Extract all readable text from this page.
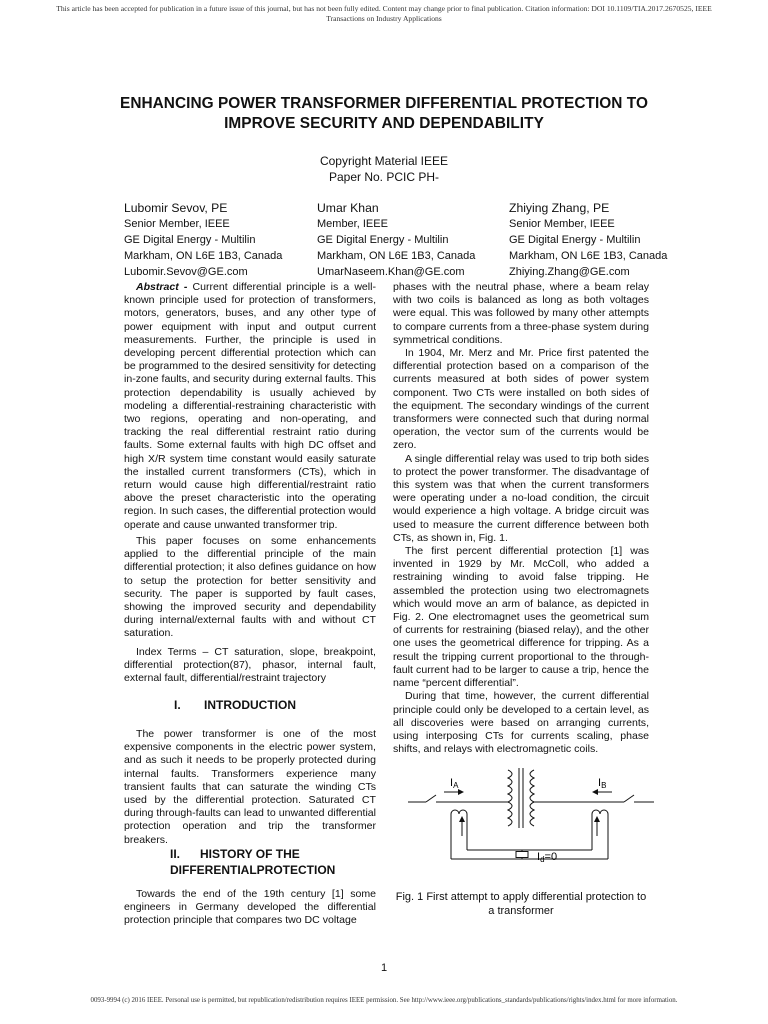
This article has been accepted for publication in a future issue of this journal, but has not been fully edited. Content may change prior to final publication. Citation information: DOI 10.1109/TIA.2017.2670525, IEEE
Transactions on Industry Applications
ENHANCING POWER TRANSFORMER DIFFERENTIAL PROTECTION TO
IMPROVE SECURITY AND DEPENDABILITY
Copyright Material IEEE
Paper No. PCIC PH-
Lubomir Sevov, PE
Senior Member, IEEE
GE Digital Energy - Multilin
Markham, ON L6E 1B3, Canada
Lubomir.Sevov@GE.com
Umar Khan
Member, IEEE
GE Digital Energy - Multilin
Markham, ON L6E 1B3, Canada
UmarNaseem.Khan@GE.com
Zhiying Zhang, PE
Senior Member, IEEE
GE Digital Energy - Multilin
Markham, ON L6E 1B3, Canada
Zhiying.Zhang@GE.com

Abstract - Current differential principle is a well-known principle used for protection of transformers, motors, generators, buses, and any other type of power equipment with input and output current measurements. Further, the principle is used in developing percent differential protection which can be programmed to the desired sensitivity for detecting in-zone faults, and security during external faults. This protection dependability is usually achieved by modeling a differential-restraining characteristic with two regions, operating and non-operating, and tracking the real differential restraint ratio during faults. Some external faults with high DC offset and high X/R system time constant would easily saturate the installed current transformers (CTs), which in return would cause high differential/restraint ratio above the preset characteristic into the operating region. In such cases, the differential protection would operate and cause unwanted transformer trip.

This paper focuses on some enhancements applied to the differential principle of the main differential protection; it also defines guidance on how to setup the protection for better sensitivity and security. The paper is supported by fault cases, showing the improved security and dependability during internal/external faults with and without CT saturation.

Index Terms – CT saturation, slope, breakpoint, differential protection(87), phasor, internal fault, external fault, differential/restraint trajectory
I. INTRODUCTION

The power transformer is one of the most expensive components in the electric power system, and as such it needs to be properly protected during internal faults. Transformers experience many transient faults that can saturate the winding CTs used by the differential protection. Saturated CT during through-faults can lead to unwanted differential protection operation and trip the transformer breakers.

II. HISTORY OF THE
DIFFERENTIALPROTECTION

Towards the end of the 19th century [1] some engineers in Germany developed the differential protection principle that compares two DC voltage

phases with the neutral phase, where a beam relay with two coils is balanced as long as both voltages were equal. This was followed by many other attempts to compare currents from a three-phase system during symmetrical conditions.

In 1904, Mr. Merz and Mr. Price first patented the differential protection based on a comparison of the currents measured at both sides of power system component. Two CTs were installed on both sides of the equipment. The secondary windings of the current transformers were connected such that during normal operation, the vector sum of the currents would be zero.

A single differential relay was used to trip both sides to protect the power transformer. The disadvantage of this system was that when the current transformers were operating under a no-load condition, the circuit would experience a high voltage. A bridge circuit was used to measure the current difference between both CTs, as shown in, Fig. 1.

The first percent differential protection [1] was invented in 1929 by Mr. McColl, who added a restraining winding to avoid false tripping. He assembled the protection using two electromagnets which would move an arm of balance, as depicted in Fig. 2. One electromagnet uses the geometrical sum of currents for restraining (biased relay), and the other one uses the geometrical difference for tripping. As a result the tripping current proportional to the through-fault current had to be larger to cause a trip, hence the name “percent differential”.

During that time, however, the current differential principle could only be developed to a certain level, as all discoveries were based on arranging currents, using interposing CTs for currents scaling, phase shifts, and relays with electromagnetic coils.

IA	IB
Id=0
Fig. 1 First attempt to apply differential protection to
a transformer
1
0093-9994 (c) 2016 IEEE. Personal use is permitted, but republication/redistribution requires IEEE permission. See http://www.ieee.org/publications_standards/publications/rights/index.html for more information.
